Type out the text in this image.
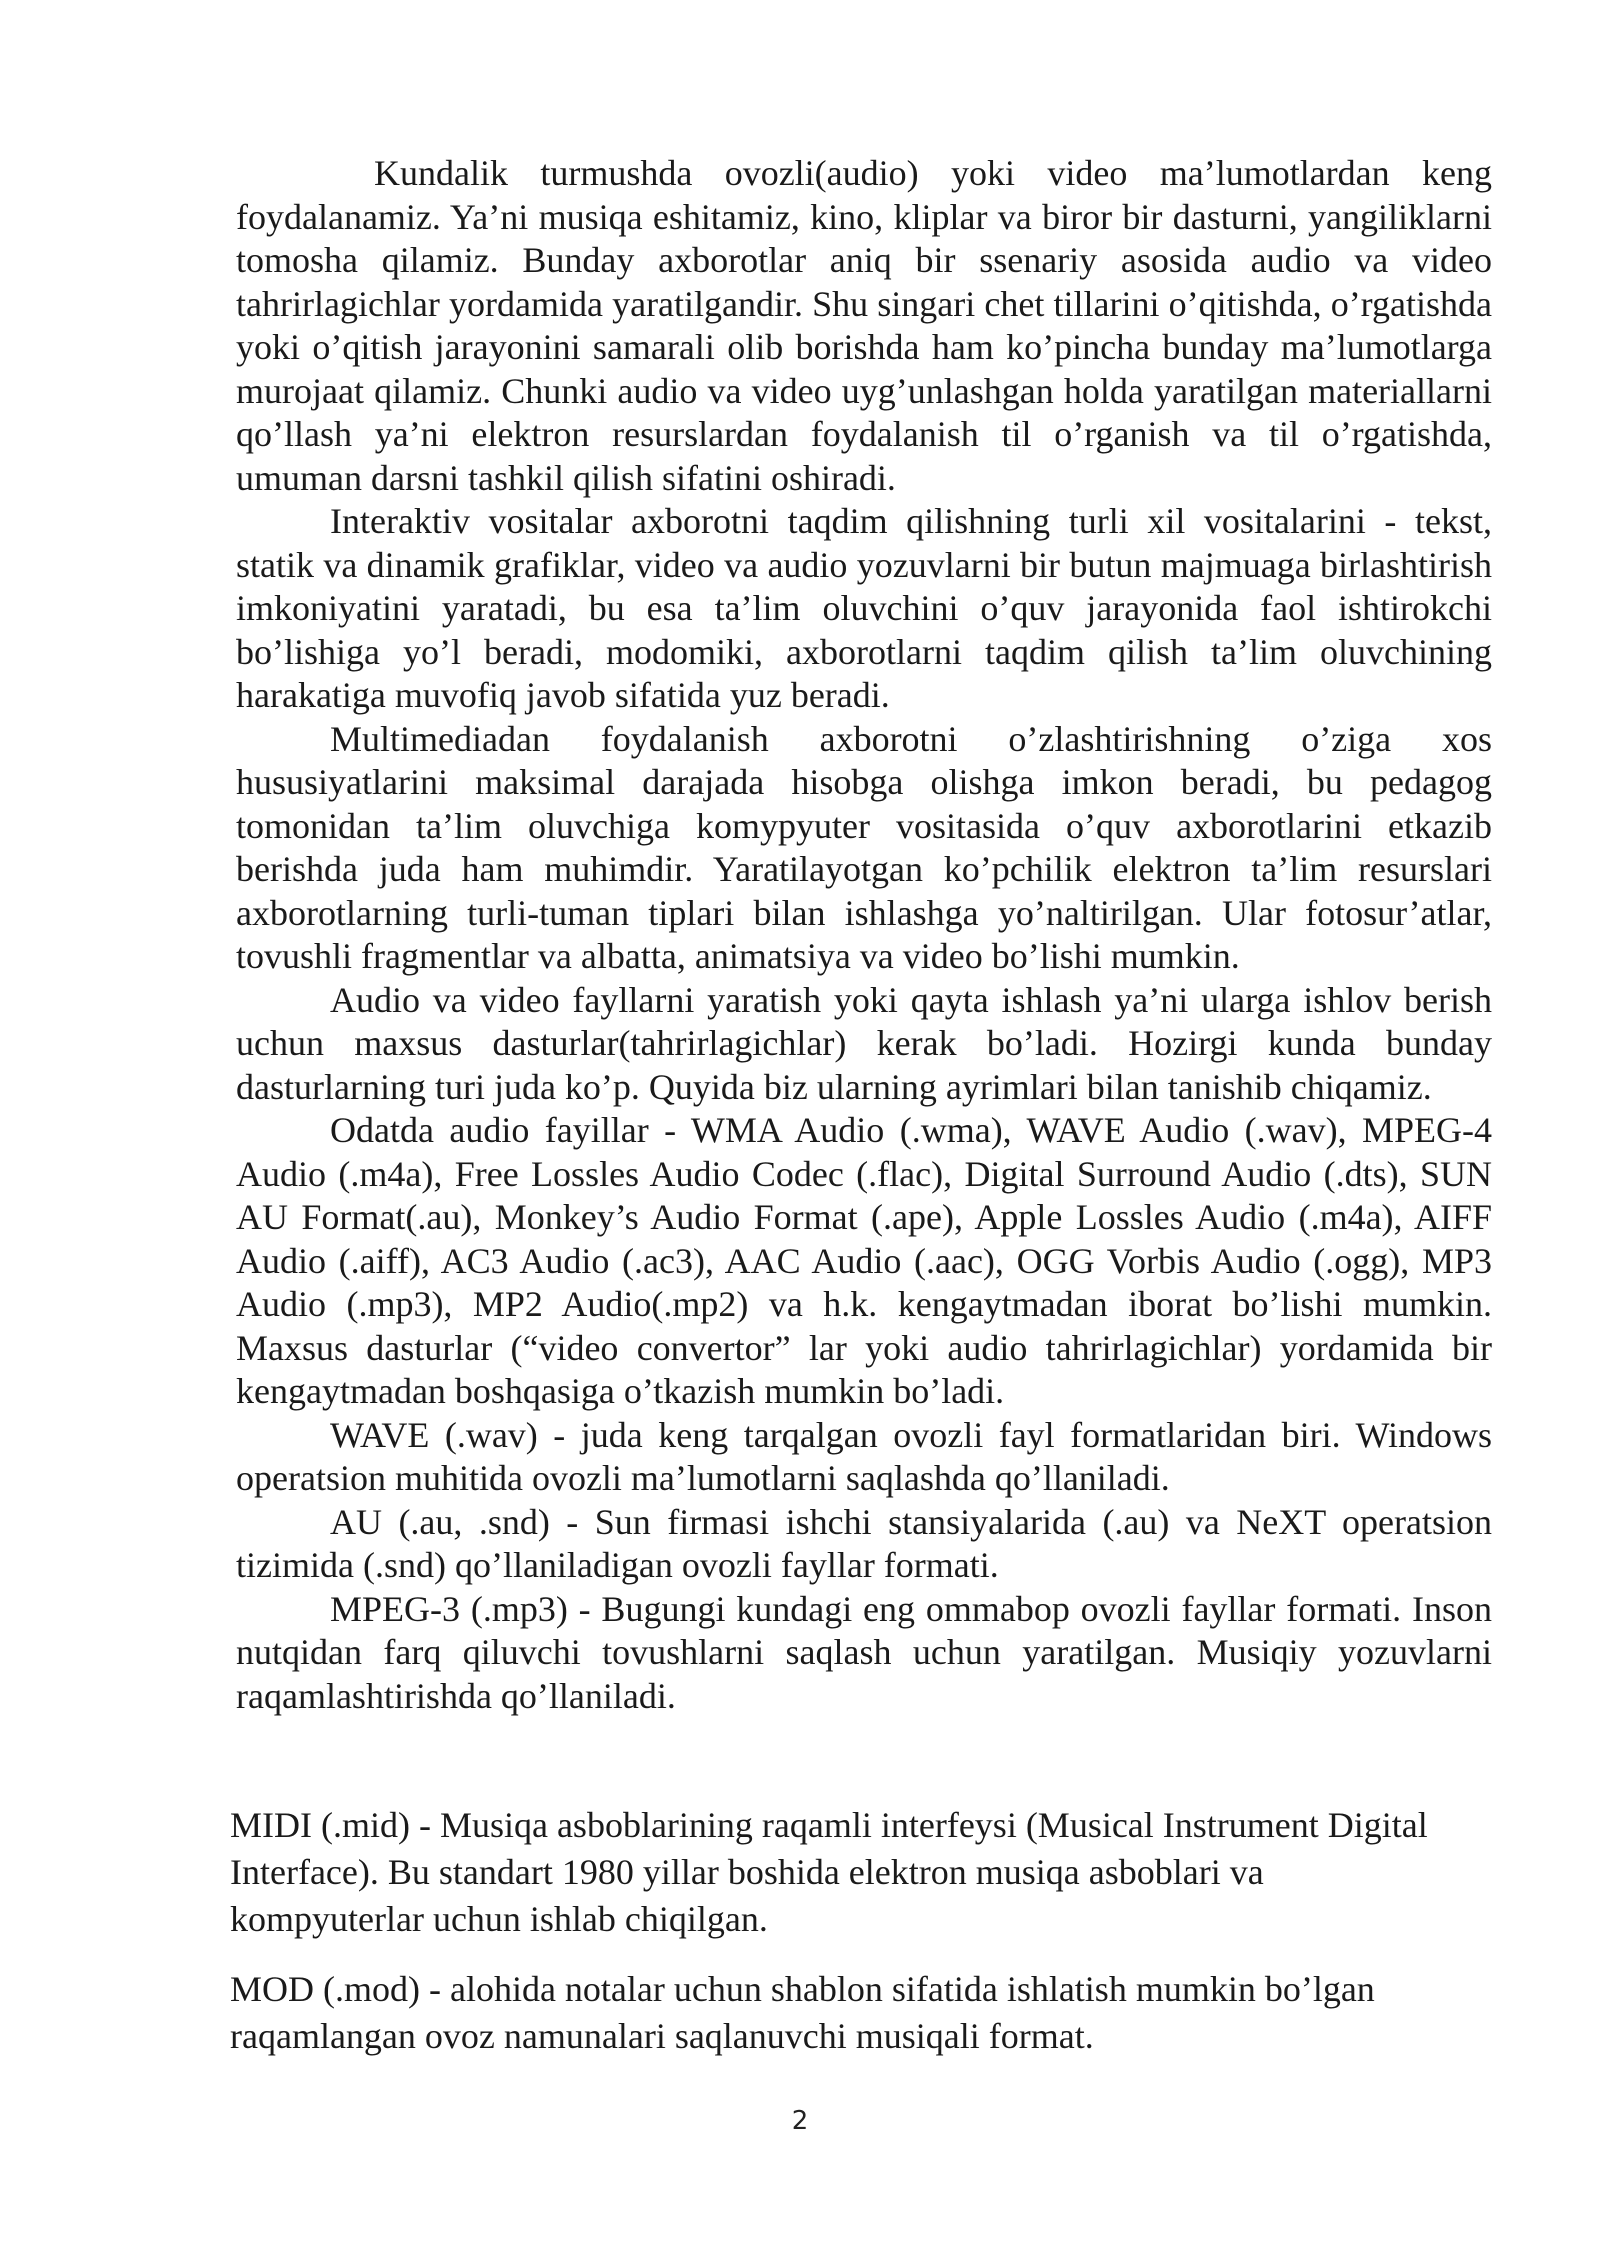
Kundalik turmushda ovozli(audio) yoki video ma’lumotlardan keng foydalanamiz. Ya’ni musiqa eshitamiz, kino, kliplar va biror bir dasturni, yangiliklarni tomosha qilamiz. Bunday axborotlar aniq bir ssenariy asosida audio va video tahrirlagichlar yordamida yaratilgandir. Shu singari chet tillarini o’qitishda, o’rgatishda yoki o’qitish jarayonini samarali olib borishda ham ko’pincha bunday ma’lumotlarga murojaat qilamiz. Chunki audio va video uyg’unlashgan holda yaratilgan materiallarni qo’llash ya’ni elektron resurslardan foydalanish til o’rganish va til o’rgatishda, umuman darsni tashkil qilish sifatini oshiradi.

Interaktiv vositalar axborotni taqdim qilishning turli xil vositalarini - tekst, statik va dinamik grafiklar, video va audio yozuvlarni bir butun majmuaga birlashtirish imkoniyatini yaratadi, bu esa ta’lim oluvchini o’quv jarayonida faol ishtirokchi bo’lishiga yo’l beradi, modomiki, axborotlarni taqdim qilish ta’lim oluvchining harakatiga muvofiq javob sifatida yuz beradi.

Multimediadan foydalanish axborotni o’zlashtirishning o’ziga xos hususiyatlarini maksimal darajada hisobga olishga imkon beradi, bu pedagog tomonidan ta’lim oluvchiga komypyuter vositasida o’quv axborotlarini etkazib berishda juda ham muhimdir. Yaratilayotgan ko’pchilik elektron ta’lim resurslari axborotlarning turli-tuman tiplari bilan ishlashga yo’naltirilgan. Ular fotosur’atlar, tovushli fragmentlar va albatta, animatsiya va video bo’lishi mumkin.

Audio va video fayllarni yaratish yoki qayta ishlash ya’ni ularga ishlov berish uchun maxsus dasturlar(tahrirlagichlar) kerak bo’ladi. Hozirgi kunda bunday dasturlarning turi juda ko’p. Quyida biz ularning ayrimlari bilan tanishib chiqamiz.

Odatda audio fayillar - WMA Audio (.wma), WAVE Audio (.wav), MPEG-4 Audio (.m4a), Free Lossles Audio Codec (.flac), Digital Surround Audio (.dts), SUN AU Format(.au), Monkey’s Audio Format (.ape), Apple Lossles Audio (.m4a), AIFF Audio (.aiff), AC3 Audio (.ac3), AAC Audio (.aac), OGG Vorbis Audio (.ogg), MP3 Audio (.mp3), MP2 Audio(.mp2) va h.k. kengaytmadan iborat bo’lishi mumkin. Maxsus dasturlar (“video convertor” lar yoki audio tahrirlagichlar) yordamida bir kengaytmadan boshqasiga o’tkazish mumkin bo’ladi.

WAVE (.wav) - juda keng tarqalgan ovozli fayl formatlaridan biri. Windows operatsion muhitida ovozli ma’lumotlarni saqlashda qo’llaniladi.

AU (.au, .snd) - Sun firmasi ishchi stansiyalarida (.au) va NeXT operatsion tizimida (.snd) qo’llaniladigan ovozli fayllar formati.

MPEG-3 (.mp3) - Bugungi kundagi eng ommabop ovozli fayllar formati. Inson nutqidan farq qiluvchi tovushlarni saqlash uchun yaratilgan. Musiqiy yozuvlarni raqamlashtirishda qo’llaniladi.

MIDI (.mid) - Musiqa asboblarining raqamli interfeysi (Musical Instrument Digital

Interface). Bu standart 1980 yillar boshida elektron musiqa asboblari va

kompyuterlar uchun ishlab chiqilgan.

MOD (.mod) - alohida notalar uchun shablon sifatida ishlatish mumkin bo’lgan

raqamlangan ovoz namunalari saqlanuvchi musiqali format.

2
